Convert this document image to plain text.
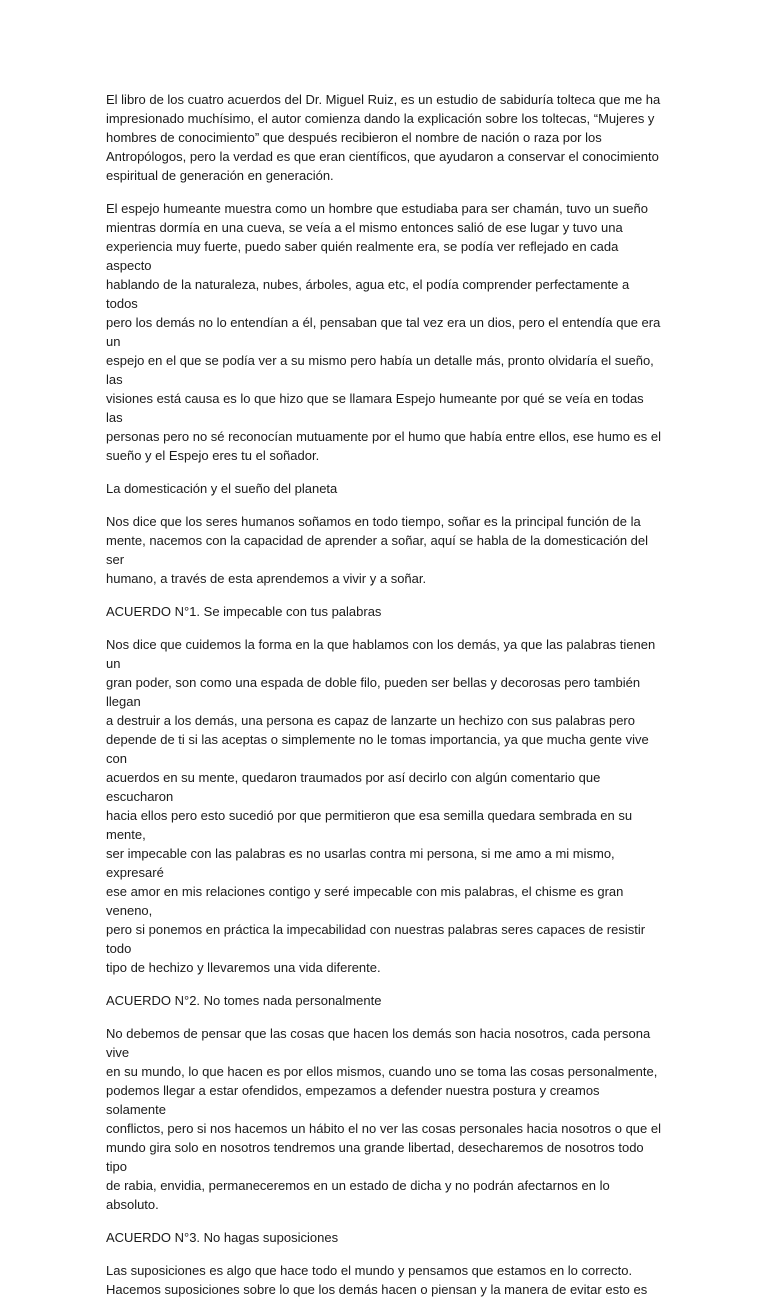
El libro de los cuatro acuerdos del Dr. Miguel Ruiz, es un estudio de sabiduría tolteca que me ha
impresionado muchísimo, el autor comienza dando la explicación sobre los toltecas, “Mujeres y
hombres de conocimiento” que después recibieron el nombre de nación o raza por los
Antropólogos, pero la verdad es que eran científicos, que ayudaron a conservar el conocimiento
espiritual de generación en generación.

El espejo humeante muestra como un hombre que estudiaba para ser chamán, tuvo un sueño
mientras dormía en una cueva, se veía a el mismo entonces salió de ese lugar y tuvo una
experiencia muy fuerte, puedo saber quién realmente era, se podía ver reflejado en cada aspecto
hablando de la naturaleza, nubes, árboles, agua etc, el podía comprender perfectamente a todos
pero los demás no lo entendían a él, pensaban que tal vez era un dios, pero el entendía que era un
espejo en el que se podía ver a su mismo pero había un detalle más, pronto olvidaría el sueño, las
visiones está causa es lo que hizo que se llamara Espejo humeante por qué se veía en todas las
personas pero no sé reconocían mutuamente por el humo que había entre ellos, ese humo es el
sueño y el Espejo eres tu el soñador.

La domesticación y el sueño del planeta

Nos dice que los seres humanos soñamos en todo tiempo, soñar es la principal función de la
mente, nacemos con la capacidad de aprender a soñar, aquí se habla de la domesticación del ser
humano, a través de esta aprendemos a vivir y a soñar.

ACUERDO N°1. Se impecable con tus palabras

Nos dice que cuidemos la forma en la que hablamos con los demás, ya que las palabras tienen un
gran poder, son como una espada de doble filo, pueden ser bellas y decorosas pero también llegan
a destruir a los demás, una persona es capaz de lanzarte un hechizo con sus palabras pero
depende de ti si las aceptas o simplemente no le tomas importancia, ya que mucha gente vive con
acuerdos en su mente, quedaron traumados por así decirlo con algún comentario que escucharon
hacia ellos pero esto sucedió por que permitieron que esa semilla quedara sembrada en su mente,
ser impecable con las palabras es no usarlas contra mi persona, si me amo a mi mismo, expresaré
ese amor en mis relaciones contigo y seré impecable con mis palabras, el chisme es gran veneno,
pero si ponemos en práctica la impecabilidad con nuestras palabras seres capaces de resistir todo
tipo de hechizo y llevaremos una vida diferente.

ACUERDO N°2. No tomes nada personalmente

No debemos de pensar que las cosas que hacen los demás son hacia nosotros, cada persona vive
en su mundo, lo que hacen es por ellos mismos, cuando uno se toma las cosas personalmente,
podemos llegar a estar ofendidos, empezamos a defender nuestra postura y creamos solamente
conflictos, pero si nos hacemos un hábito el no ver las cosas personales hacia nosotros o que el
mundo gira solo en nosotros tendremos una grande libertad, desecharemos de nosotros todo tipo
de rabia, envidia, permaneceremos en un estado de dicha y no podrán afectarnos en lo absoluto.

ACUERDO N°3. No hagas suposiciones

Las suposiciones es algo que hace todo el mundo y pensamos que estamos en lo correcto.
Hacemos suposiciones sobre lo que los demás hacen o piensan y la manera de evitar esto es
